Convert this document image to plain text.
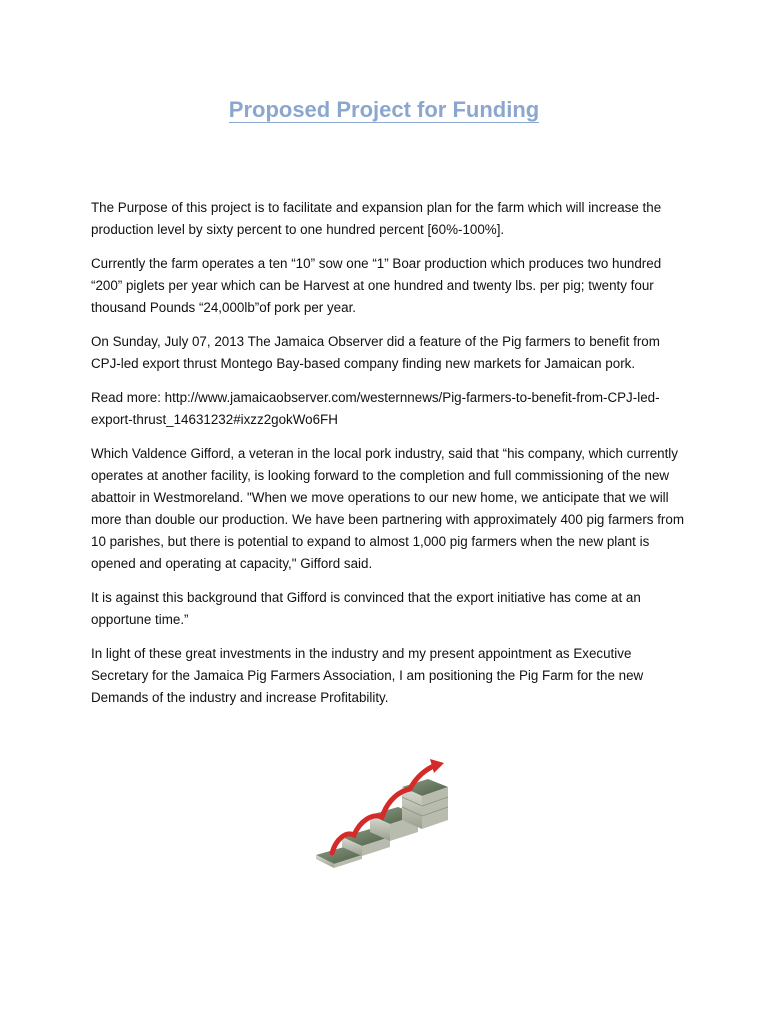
Proposed Project for Funding

The Purpose of this project is to facilitate and expansion plan for the farm which will increase the production level by sixty percent to one hundred percent [60%-100%].

Currently the farm operates a ten “10” sow one “1” Boar production which produces two hundred “200” piglets per year which can be Harvest at one hundred and twenty lbs. per pig; twenty four thousand Pounds “24,000lb”of pork per year.

On Sunday, July 07, 2013 The Jamaica Observer did a feature of the Pig farmers to benefit from CPJ-led export thrust Montego Bay-based company finding new markets for Jamaican pork.

Read more: http://www.jamaicaobserver.com/westernnews/Pig-farmers-to-benefit-from-CPJ-led-export-thrust_14631232#ixzz2gokWo6FH

Which Valdence Gifford, a veteran in the local pork industry, said that “his company, which currently operates at another facility, is looking forward to the completion and full commissioning of the new abattoir in Westmoreland. "When we move operations to our new home, we anticipate that we will more than double our production. We have been partnering with approximately 400 pig farmers from 10 parishes, but there is potential to expand to almost 1,000 pig farmers when the new plant is opened and operating at capacity," Gifford said.

It is against this background that Gifford is convinced that the export initiative has come at an opportune time.”

In light of these great investments in the industry and my present appointment as Executive Secretary for the Jamaica Pig Farmers Association, I am positioning the Pig Farm for the new Demands of the industry and increase Profitability.
